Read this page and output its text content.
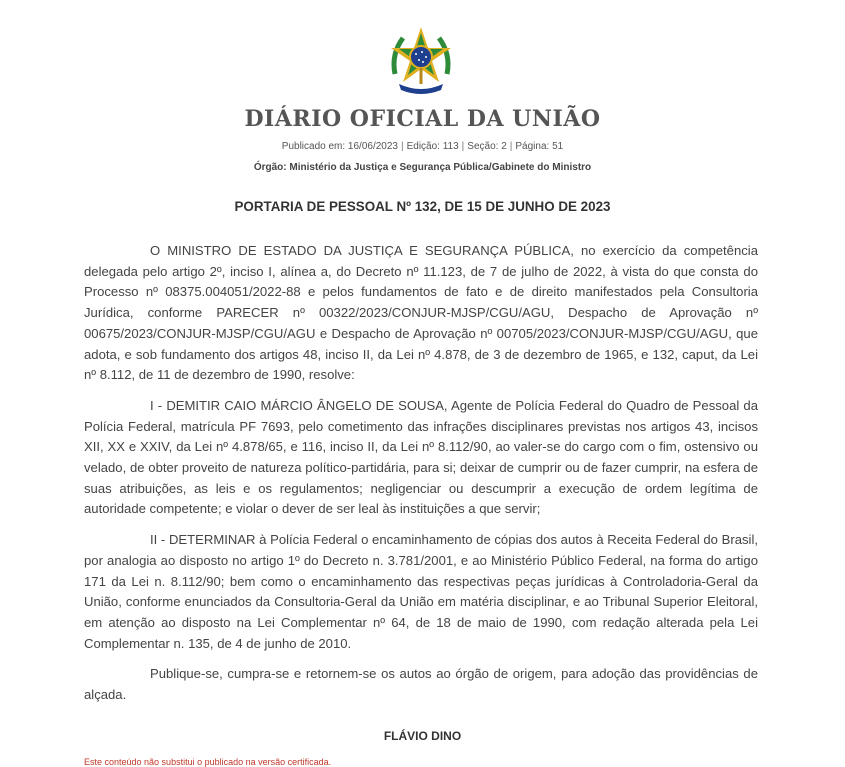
DIÁRIO OFICIAL DA UNIÃO
Publicado em: 16/06/2023 | Edição: 113 | Seção: 2 | Página: 51
Órgão: Ministério da Justiça e Segurança Pública/Gabinete do Ministro
PORTARIA DE PESSOAL Nº 132, DE 15 DE JUNHO DE 2023

O MINISTRO DE ESTADO DA JUSTIÇA E SEGURANÇA PÚBLICA, no exercício da competência delegada pelo artigo 2º, inciso I, alínea a, do Decreto nº 11.123, de 7 de julho de 2022, à vista do que consta do Processo nº 08375.004051/2022-88 e pelos fundamentos de fato e de direito manifestados pela Consultoria Jurídica, conforme PARECER nº 00322/2023/CONJUR-MJSP/CGU/AGU, Despacho de Aprovação nº 00675/2023/CONJUR-MJSP/CGU/AGU e Despacho de Aprovação nº 00705/2023/CONJUR-MJSP/CGU/AGU, que adota, e sob fundamento dos artigos 48, inciso II, da Lei nº 4.878, de 3 de dezembro de 1965, e 132, caput, da Lei nº 8.112, de 11 de dezembro de 1990, resolve:

I - DEMITIR CAIO MÁRCIO ÂNGELO DE SOUSA, Agente de Polícia Federal do Quadro de Pessoal da Polícia Federal, matrícula PF 7693, pelo cometimento das infrações disciplinares previstas nos artigos 43, incisos XII, XX e XXIV, da Lei nº 4.878/65, e 116, inciso II, da Lei nº 8.112/90, ao valer-se do cargo com o fim, ostensivo ou velado, de obter proveito de natureza político-partidária, para si; deixar de cumprir ou de fazer cumprir, na esfera de suas atribuições, as leis e os regulamentos; negligenciar ou descumprir a execução de ordem legítima de autoridade competente; e violar o dever de ser leal às instituições a que servir;

II - DETERMINAR à Polícia Federal o encaminhamento de cópias dos autos à Receita Federal do Brasil, por analogia ao disposto no artigo 1º do Decreto n. 3.781/2001, e ao Ministério Público Federal, na forma do artigo 171 da Lei n. 8.112/90; bem como o encaminhamento das respectivas peças jurídicas à Controladoria-Geral da União, conforme enunciados da Consultoria-Geral da União em matéria disciplinar, e ao Tribunal Superior Eleitoral, em atenção ao disposto na Lei Complementar nº 64, de 18 de maio de 1990, com redação alterada pela Lei Complementar n. 135, de 4 de junho de 2010.

Publique-se, cumpra-se e retornem-se os autos ao órgão de origem, para adoção das providências de alçada.

FLÁVIO DINO
Este conteúdo não substitui o publicado na versão certificada.
